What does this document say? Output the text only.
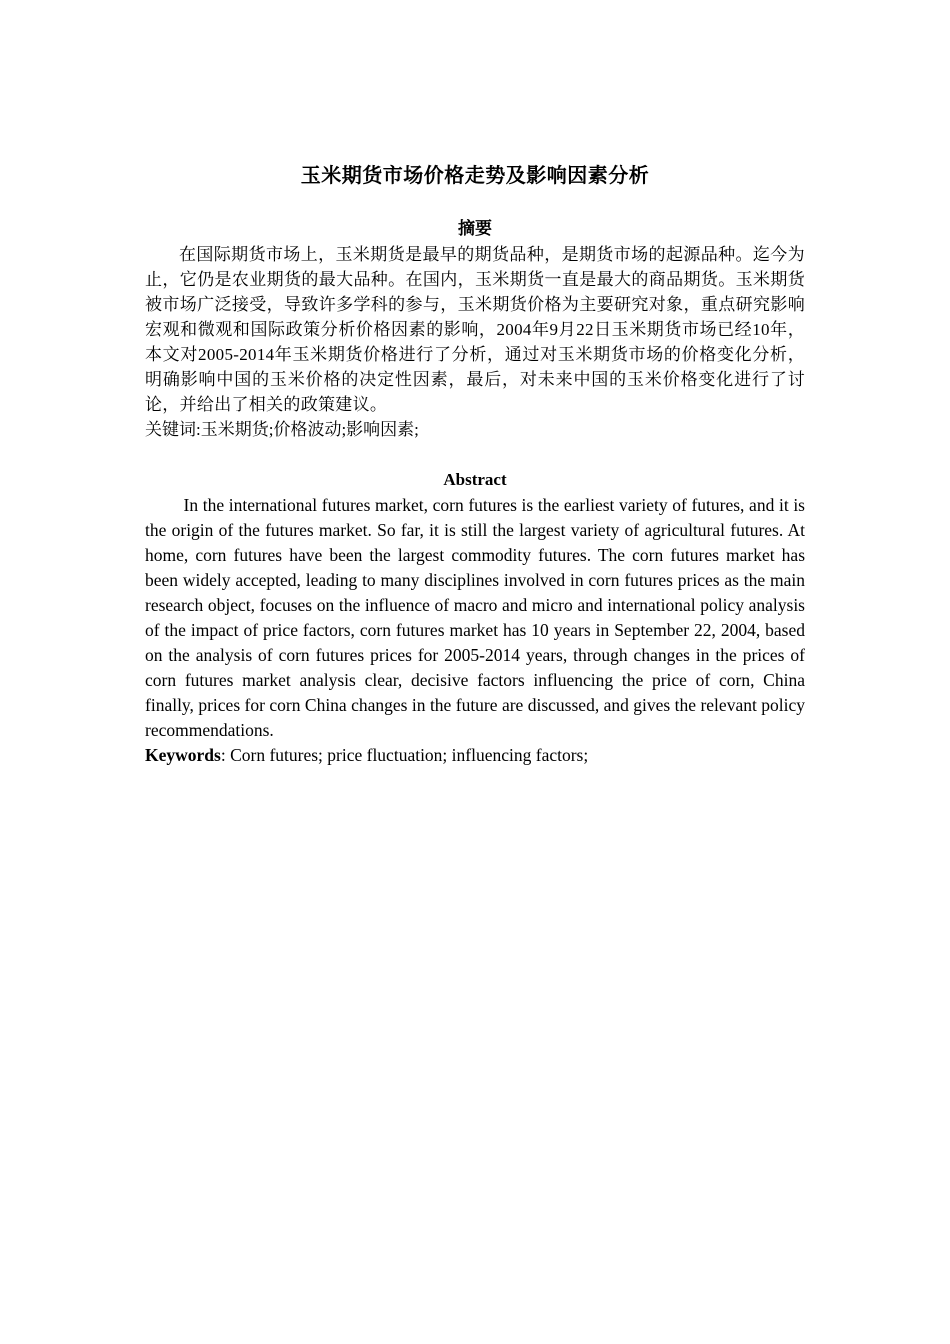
玉米期货市场价格走势及影响因素分析
摘要

在国际期货市场上，玉米期货是最早的期货品种，是期货市场的起源品种。迄今为止，它仍是农业期货的最大品种。在国内，玉米期货一直是最大的商品期货。玉米期货被市场广泛接受，导致许多学科的参与，玉米期货价格为主要研究对象，重点研究影响宏观和微观和国际政策分析价格因素的影响，2004年9月22日玉米期货市场已经10年，本文对2005-2014年玉米期货价格进行了分析，通过对玉米期货市场的价格变化分析，明确影响中国的玉米价格的决定性因素，最后，对未来中国的玉米价格变化进行了讨论，并给出了相关的政策建议。

关键词:玉米期货;价格波动;影响因素;

Abstract

In the international futures market, corn futures is the earliest variety of futures, and it is the origin of the futures market. So far, it is still the largest variety of agricultural futures. At home, corn futures have been the largest commodity futures. The corn futures market has been widely accepted, leading to many disciplines involved in corn futures prices as the main research object, focuses on the influence of macro and micro and international policy analysis of the impact of price factors, corn futures market has 10 years in September 22, 2004, based on the analysis of corn futures prices for 2005-2014 years, through changes in the prices of corn futures market analysis clear, decisive factors influencing the price of corn, China finally, prices for corn China changes in the future are discussed, and gives the relevant policy recommendations.

Keywords: Corn futures; price fluctuation; influencing factors;
